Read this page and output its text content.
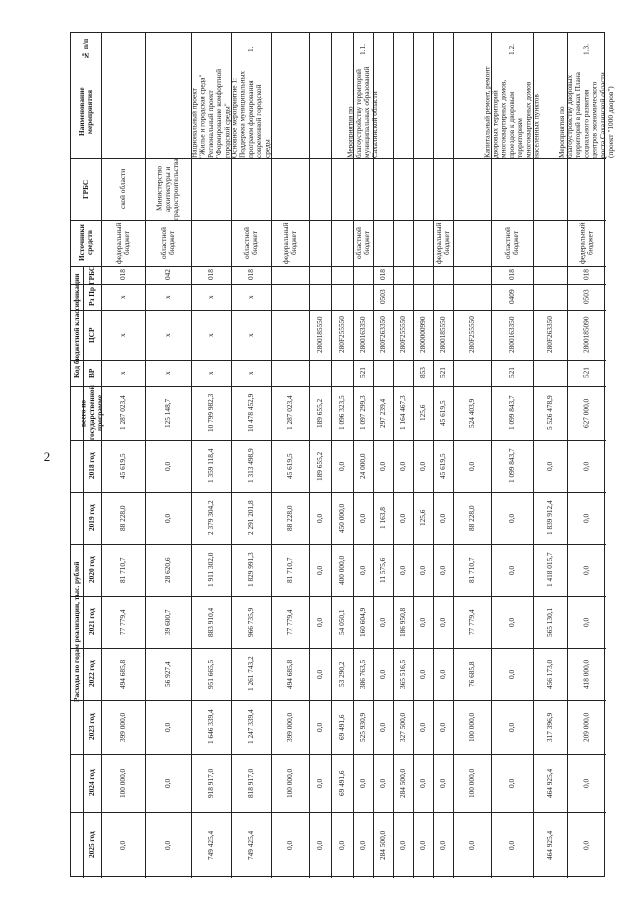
2
№ п/п
Наименование мероприятия
ГРБС
Источники средств
Код бюджетной классификации ГРБС
Рз Пр
ЦСР
ВР
Расходы по годам реализации, тыс. рублей
всего по государственной программе
2018 год
2019 год
2020 год
2021 год
2022 год
2023 год
2024 год
2025 год
ской области
федеральный бюджет
018
x
x
x
1 287 023,4
45 619,5
88 228,0
81 710,7
77 779,4
494 685,8
399 000,0
100 000,0
0,0
Министерство архитектуры и градостроительства
областной бюджет
042
x
x
x
125 148,7
0,0
0,0
28 620,6
39 600,7
56 927,4
0,0
0,0
0,0
Национальный проект "Жилье и городская среда" Региональный проект "Формирование комфортной городской среды"
018
x
x
x
10 799 982,3
1 359 118,4
2 379 304,2
1 911 302,0
883 910,4
951 665,5
1 646 339,4
918 917,0
749 425,4
1.
Основное мероприятие 1: Поддержка муниципальных программ формирования современной городской среды
областной бюджет
018
x
x
x
10 478 452,9
1 313 498,9
2 291 201,8
1 829 991,3
966 735,9
1 261 743,2
1 247 339,4
818 917,0
749 425,4
федеральный бюджет
1 287 023,4
45 619,5
88 228,0
81 710,7
77 779,4
494 685,8
399 000,0
100 000,0
0,0
2800185550
189 655,2
189 655,2
0,0
0,0
0,0
0,0
0,0
0,0
0,0
280F255550
1 096 323,5
0,0
450 000,0
400 000,0
54 050,1
53 290,2
69 491,6
69 491,6
0,0
1.1.
Мероприятия по благоустройству территорий муниципальных образований Сахалинской области
областной бюджет
2800163350
521
1 097 299,3
24 000,0
0,0
0,0
160 604,9
386 763,5
525 930,9
0,0
0,0
018
0503
280F263350
297 239,4
0,0
1 163,8
11 575,6
0,0
0,0
0,0
0,0
284 500,0
280F255550
1 164 467,3
0,0
0,0
0,0
186 950,8
365 516,5
327 500,0
284 500,0
0,0
2800000990
853
125,6
0,0
125,6
0,0
0,0
0,0
0,0
0,0
0,0
федеральный бюджет
2800185550
521
45 619,5
45 619,5
0,0
0,0
0,0
0,0
0,0
0,0
0,0
280F255550
524 403,9
0,0
88 228,0
81 710,7
77 779,4
76 685,8
100 000,0
100 000,0
0,0
1.2.
Капитальный ремонт, ремонт дворовых территорий многоквартирных домов, проездов к дворовым территориям многоквартирных домов населенных пунктов
областной бюджет
018
0409
2800163350
521
1 099 843,7
1 099 843,7
0,0
0,0
0,0
0,0
0,0
0,0
0,0
280F263350
5 526 478,9
0,0
1 839 912,4
1 418 015,7
565 130,1
456 173,0
317 396,9
464 925,4
464 925,4
1.3.
Мероприятия по благоустройству дворовых территорий в рамках Плана социального развития центров экономического роста Сахалинской области (проект "1000 дворов")
федеральный бюджет
018
0503
2800185090
521
627 000,0
0,0
0,0
0,0
0,0
418 000,0
209 000,0
0,0
0,0
